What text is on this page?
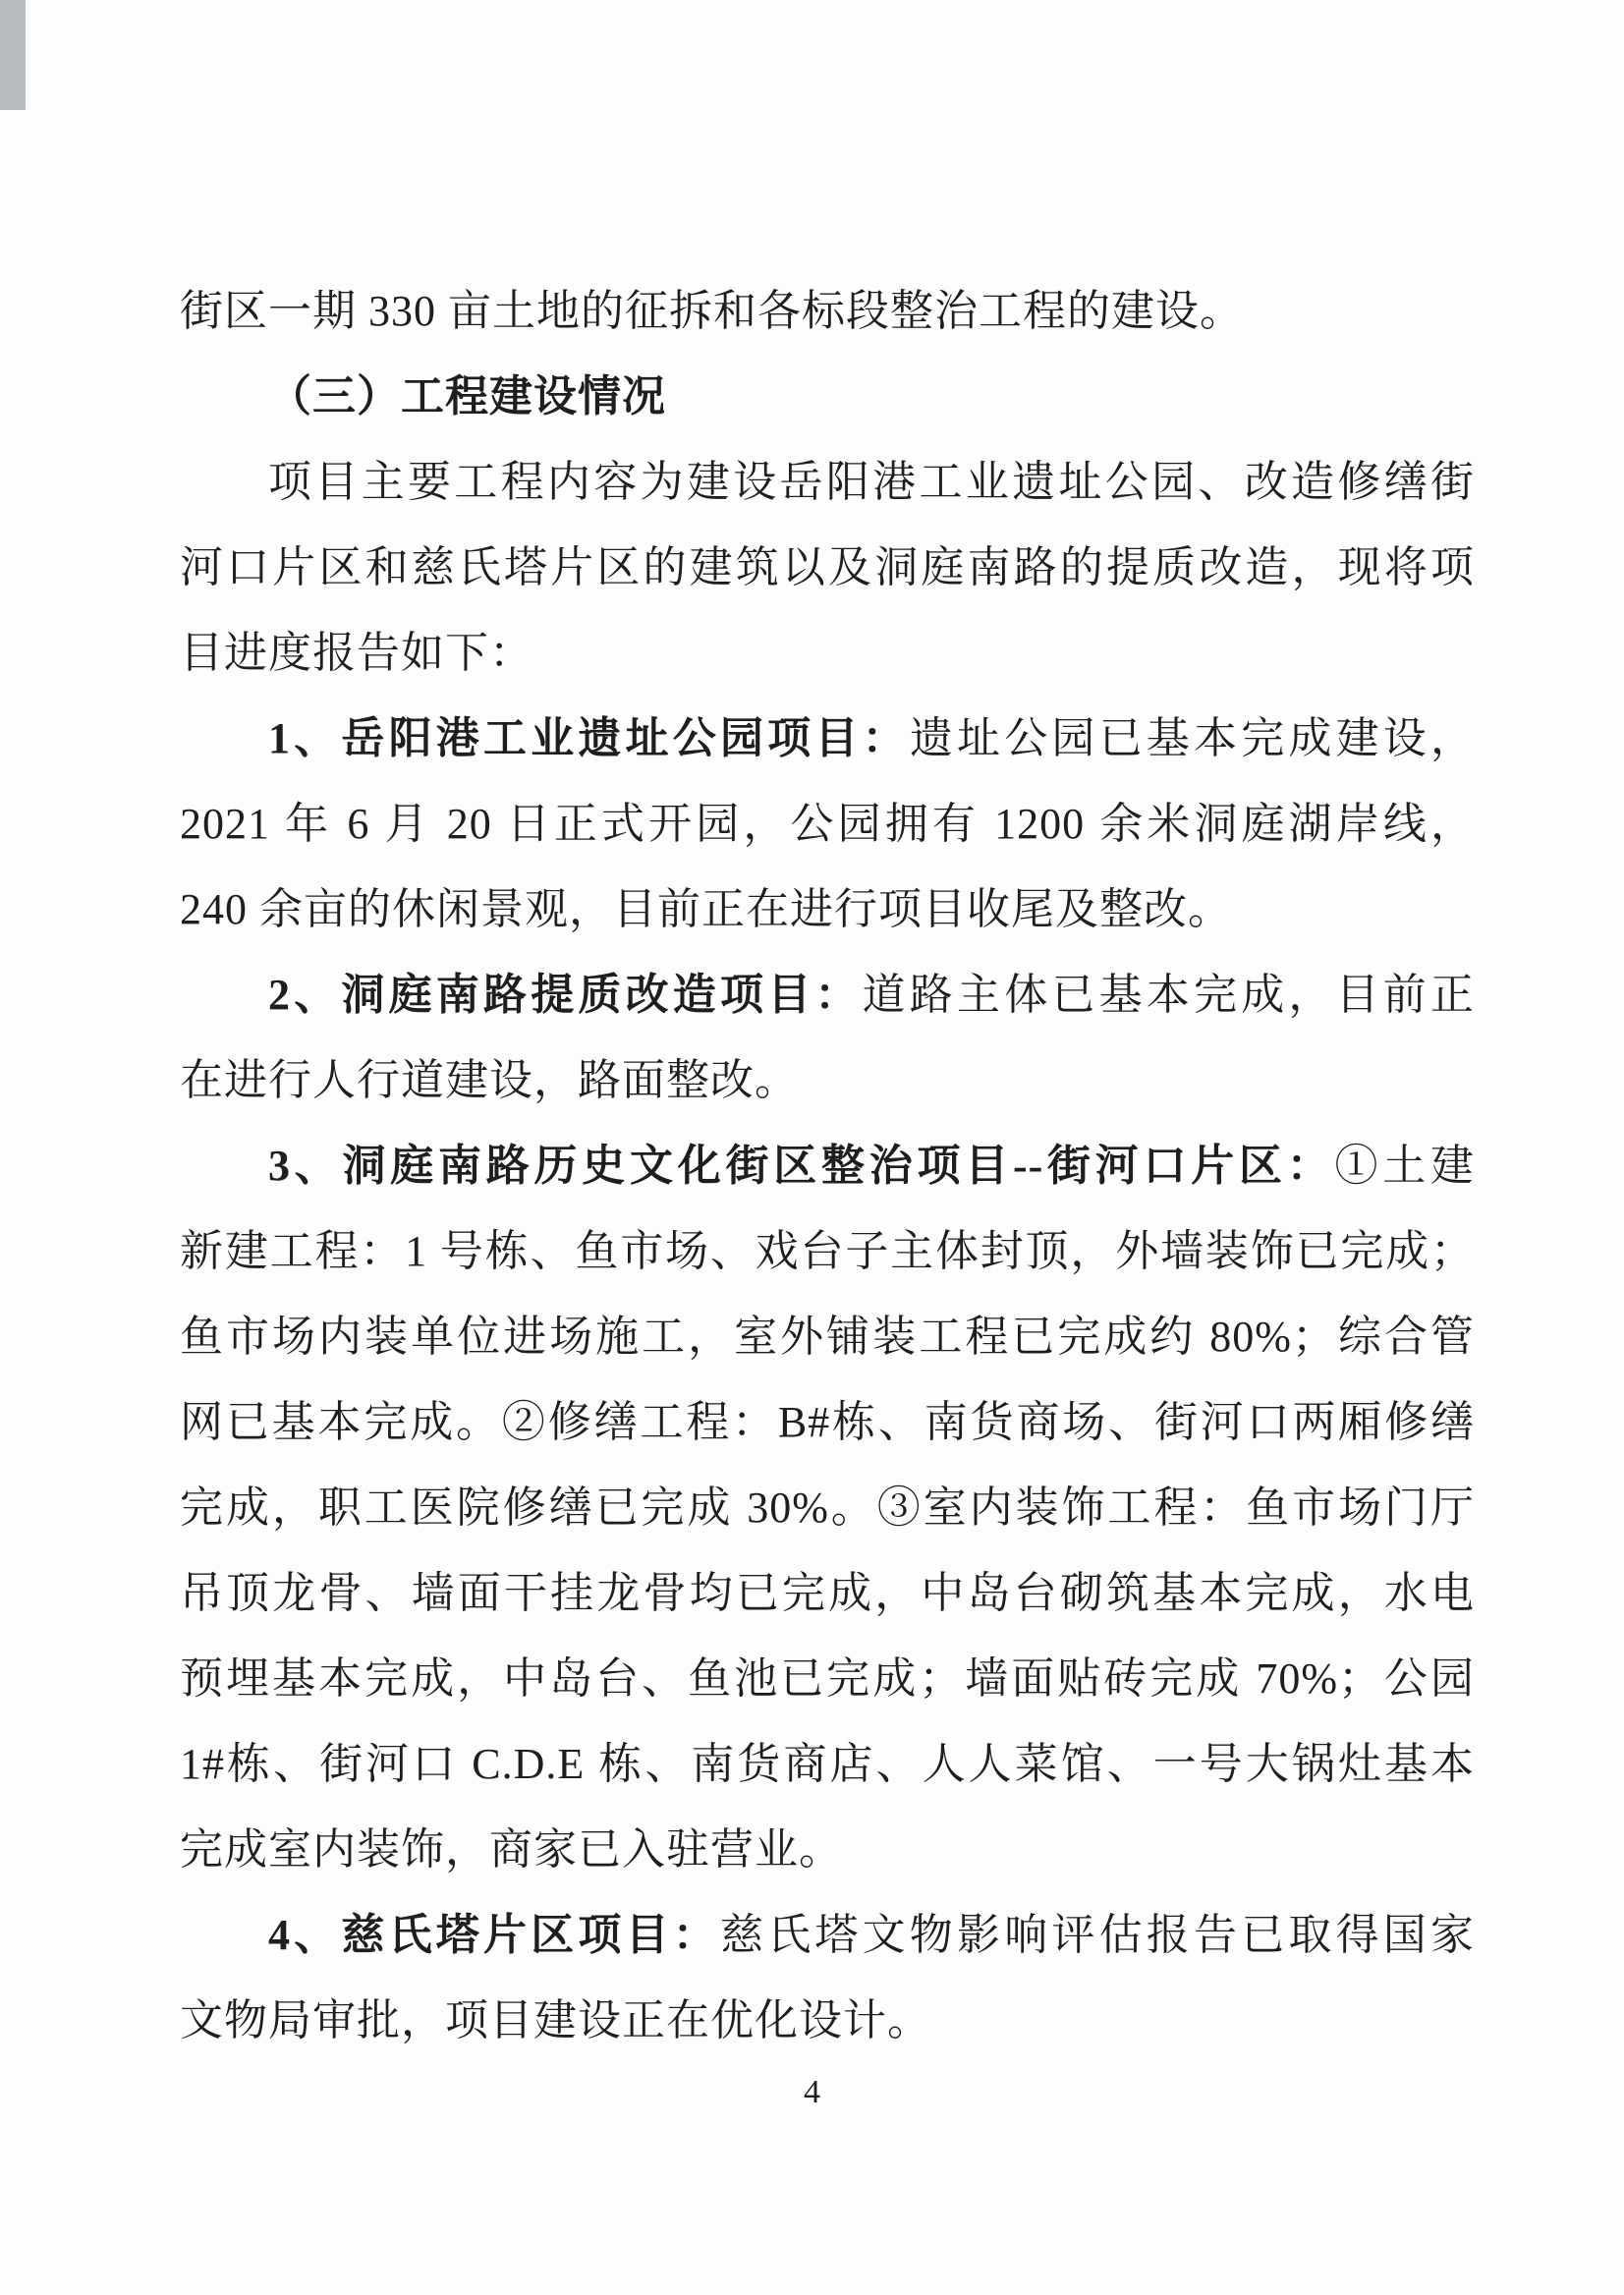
街区一期 330 亩土地的征拆和各标段整治工程的建设。
（三）工程建设情况
项目主要工程内容为建设岳阳港工业遗址公园、改造修缮街
河口片区和慈氏塔片区的建筑以及洞庭南路的提质改造，现将项
目进度报告如下：
1、岳阳港工业遗址公园项目：遗址公园已基本完成建设，
2021 年 6 月 20 日正式开园，公园拥有 1200 余米洞庭湖岸线，
240 余亩的休闲景观，目前正在进行项目收尾及整改。
2、洞庭南路提质改造项目：道路主体已基本完成，目前正
在进行人行道建设，路面整改。
3、洞庭南路历史文化街区整治项目--街河口片区：①土建
新建工程：1 号栋、鱼市场、戏台子主体封顶，外墙装饰已完成；
鱼市场内装单位进场施工，室外铺装工程已完成约 80%；综合管
网已基本完成。②修缮工程：B#栋、南货商场、街河口两厢修缮
完成，职工医院修缮已完成 30%。③室内装饰工程：鱼市场门厅
吊顶龙骨、墙面干挂龙骨均已完成，中岛台砌筑基本完成，水电
预埋基本完成，中岛台、鱼池已完成；墙面贴砖完成 70%；公园
1#栋、街河口 C.D.E 栋、南货商店、人人菜馆、一号大锅灶基本
完成室内装饰，商家已入驻营业。
4、慈氏塔片区项目：慈氏塔文物影响评估报告已取得国家
文物局审批，项目建设正在优化设计。
4
